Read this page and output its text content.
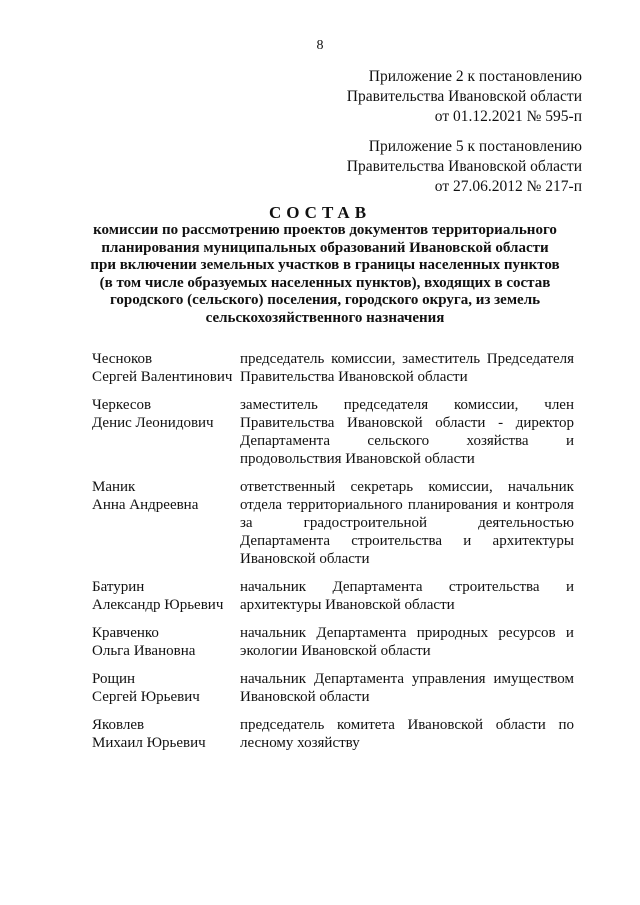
8
Приложение 2 к постановлению
Правительства Ивановской области
от 01.12.2021 № 595-п
Приложение 5 к постановлению
Правительства Ивановской области
от 27.06.2012 № 217-п
СОСТАВ
комиссии по рассмотрению проектов документов территориального
планирования муниципальных образований Ивановской области
при включении земельных участков в границы населенных пунктов
(в том числе образуемых населенных пунктов), входящих в состав
городского (сельского) поселения, городского округа, из земель
сельскохозяйственного назначения
Чесноков
Сергей Валентинович
председатель комиссии, заместитель Председателя
Правительства Ивановской области
Черкесов
Денис Леонидович
заместитель председателя комиссии, член
Правительства Ивановской области - директор
Департамента сельского хозяйства и
продовольствия Ивановской области
Маник
Анна Андреевна
ответственный секретарь комиссии, начальник
отдела территориального планирования и контроля
за	градостроительной	деятельностью
Департамента строительства и архитектуры
Ивановской области
Батурин
Александр Юрьевич
начальник Департамента строительства и
архитектуры Ивановской области
Кравченко
Ольга Ивановна
начальник Департамента природных ресурсов и
экологии Ивановской области
Рощин
Сергей Юрьевич
начальник Департамента управления имуществом
Ивановской области
Яковлев
Михаил Юрьевич
председатель комитета Ивановской области по
лесному хозяйству
